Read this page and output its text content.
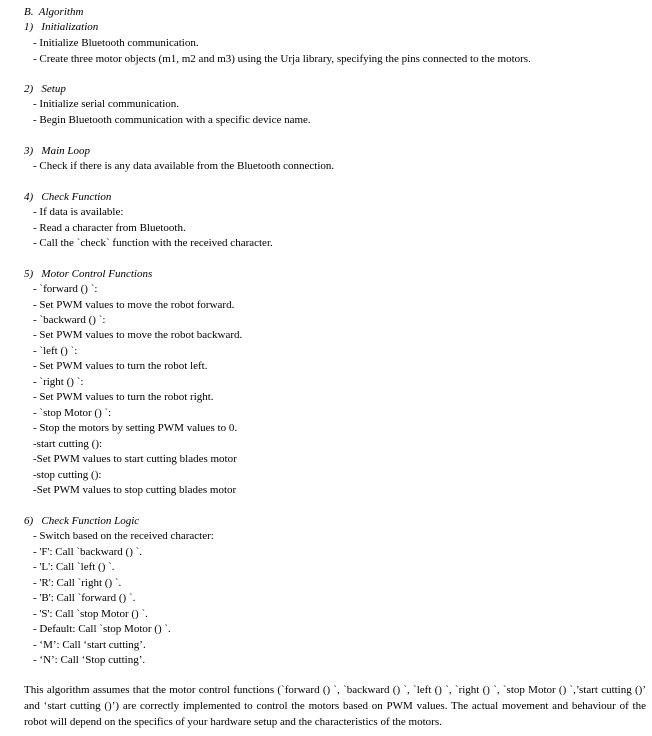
B.  Algorithm
1)   Initialization
- Initialize Bluetooth communication.
- Create three motor objects (m1, m2 and m3) using the Urja library, specifying the pins connected to the motors.
2)   Setup
- Initialize serial communication.
- Begin Bluetooth communication with a specific device name.
3)   Main Loop
- Check if there is any data available from the Bluetooth connection.
4)   Check Function
- If data is available:
- Read a character from Bluetooth.
- Call the `check` function with the received character.
5)   Motor Control Functions
- `forward () `:
- Set PWM values to move the robot forward.
- `backward () `:
- Set PWM values to move the robot backward.
- `left () `:
- Set PWM values to turn the robot left.
- `right () `:
- Set PWM values to turn the robot right.
- `stop Motor () `:
- Stop the motors by setting PWM values to 0.
-start cutting ():
-Set PWM values to start cutting blades motor
-stop cutting ():
-Set PWM values to stop cutting blades motor
6)   Check Function Logic
- Switch based on the received character:
- 'F': Call `backward () `.
- 'L': Call `left () `.
- 'R': Call `right () `.
- 'B': Call `forward () `.
- 'S': Call `stop Motor () `.
- Default: Call `stop Motor () `.
- ‘M’: Call ‘start cutting’.
- ‘N’: Call ‘Stop cutting’.

This algorithm assumes that the motor control functions (`forward () `, `backward () `, `left () `, `right () `, `stop Motor () `,’start cutting ()’ and ‘start cutting ()’) are correctly implemented to control the motors based on PWM values. The actual movement and behaviour of the robot will depend on the specifics of your hardware setup and the characteristics of the motors.
